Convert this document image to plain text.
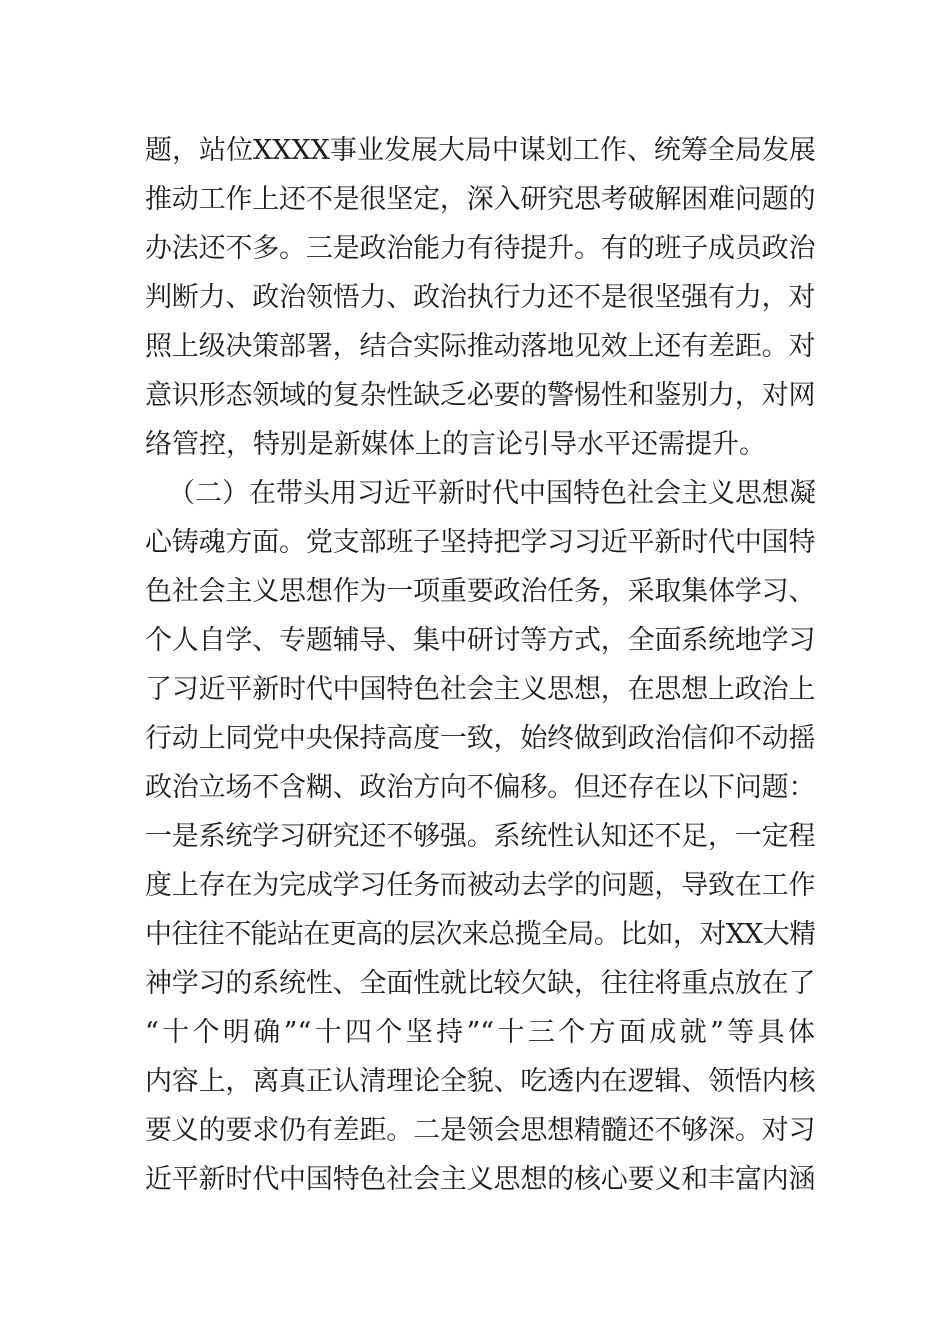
题，站位XXXX事业发展大局中谋划工作、统筹全局发展
推动工作上还不是很坚定，深入研究思考破解困难问题的
办法还不多。三是政治能力有待提升。有的班子成员政治
判断力、政治领悟力、政治执行力还不是很坚强有力，对
照上级决策部署，结合实际推动落地见效上还有差距。对
意识形态领域的复杂性缺乏必要的警惕性和鉴别力，对网
络管控，特别是新媒体上的言论引导水平还需提升。
（二）在带头用习近平新时代中国特色社会主义思想凝
心铸魂方面。党支部班子坚持把学习习近平新时代中国特
色社会主义思想作为一项重要政治任务，采取集体学习、
个人自学、专题辅导、集中研讨等方式，全面系统地学习
了习近平新时代中国特色社会主义思想，在思想上政治上
行动上同党中央保持高度一致，始终做到政治信仰不动摇
政治立场不含糊、政治方向不偏移。但还存在以下问题：
一是系统学习研究还不够强。系统性认知还不足，一定程
度上存在为完成学习任务而被动去学的问题，导致在工作
中往往不能站在更高的层次来总揽全局。比如，对XX大精
神学习的系统性、全面性就比较欠缺，往往将重点放在了
“十个明确”“十四个坚持”“十三个方面成就”等具体
内容上，离真正认清理论全貌、吃透内在逻辑、领悟内核
要义的要求仍有差距。二是领会思想精髓还不够深。对习
近平新时代中国特色社会主义思想的核心要义和丰富内涵
